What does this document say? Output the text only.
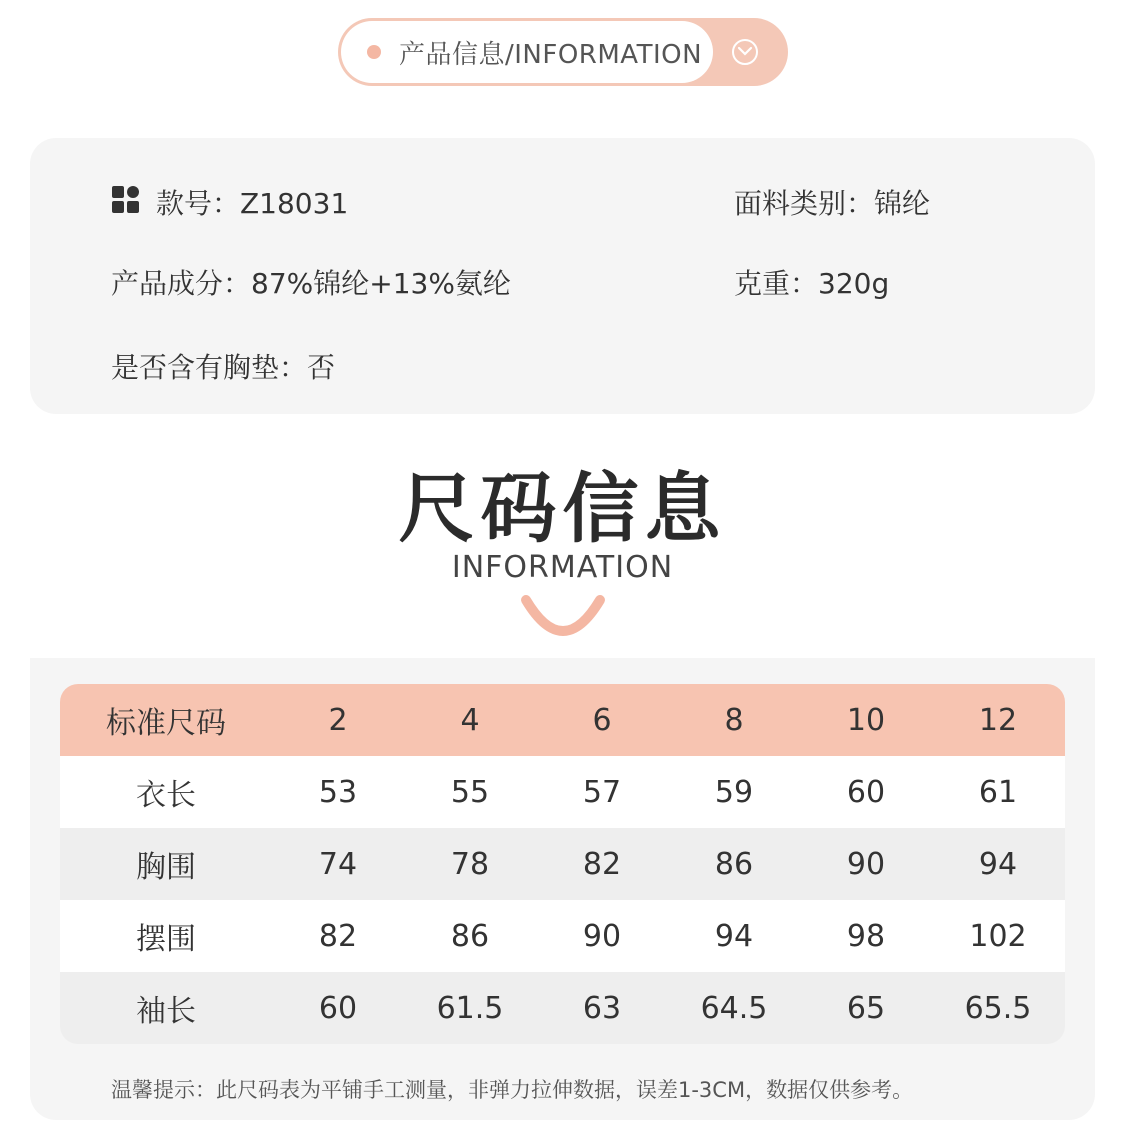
产品信息/INFORMATION
款号：Z18031	面料类别：锦纶
产品成分：87%锦纶+13%氨纶	克重：320g
是否含有胸垫：否
尺码信息
INFORMATION
标准尺码	2	4	6	8	10	12
衣长	53	55	57	59	60	61
胸围	74	78	82	86	90	94
摆围	82	86	90	94	98	102
袖长	60	61.5	63	64.5	65	65.5
温馨提示：此尺码表为平铺手工测量，非弹力拉伸数据，误差1-3CM，数据仅供参考。
